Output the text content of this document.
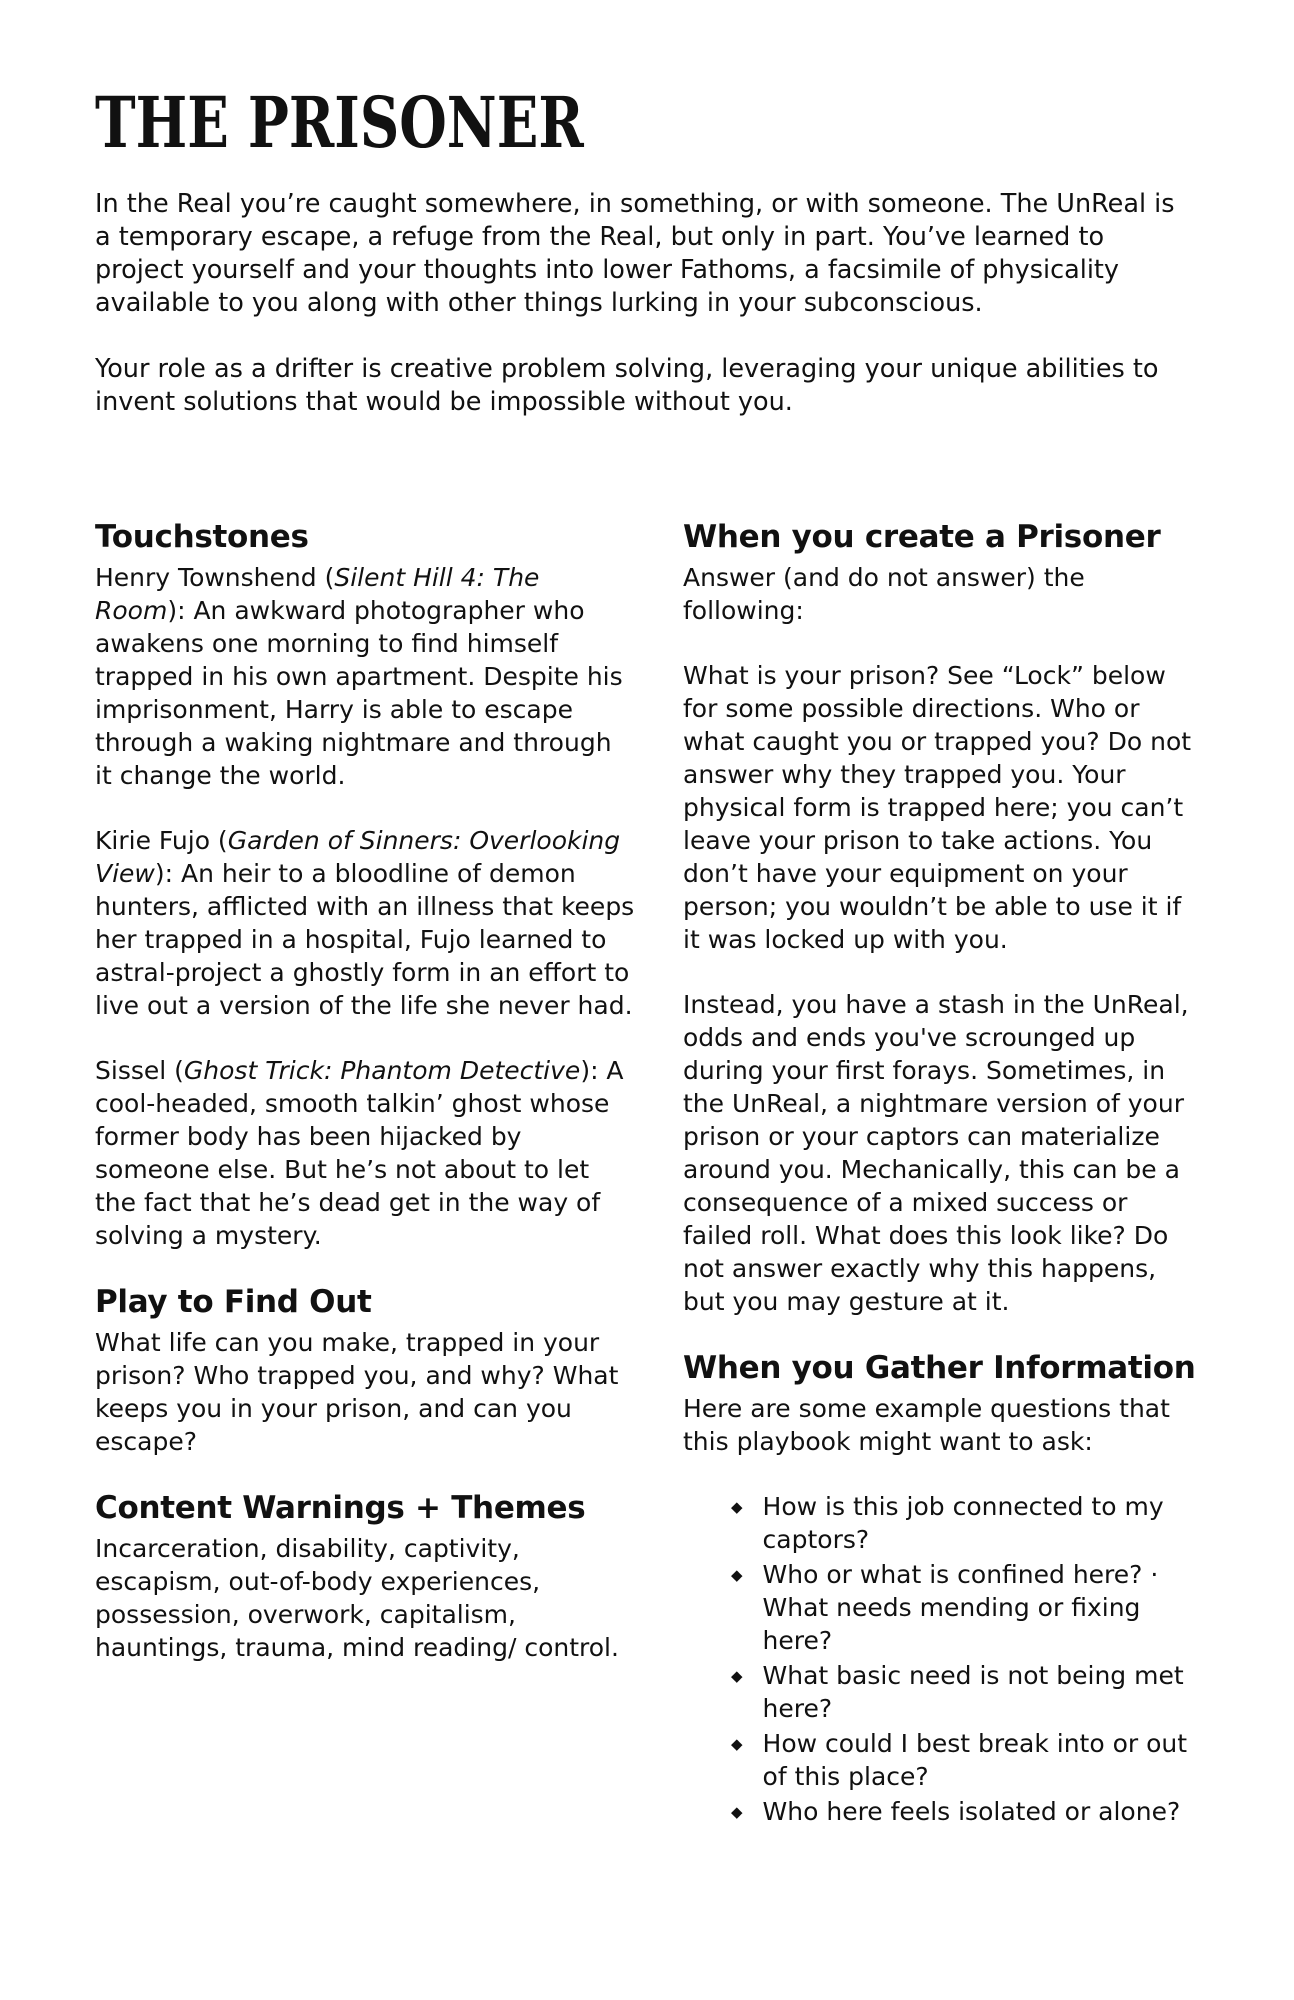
THE PRISONER

In the Real you’re caught somewhere, in something, or with someone. The UnReal is a temporary escape, a refuge from the Real, but only in part. You’ve learned to project yourself and your thoughts into lower Fathoms, a facsimile of physicality available to you along with other things lurking in your subconscious.

Your role as a drifter is creative problem solving, leveraging your unique abilities to invent solutions that would be impossible without you.

Touchstones

Henry Townshend (Silent Hill 4: The Room): An awkward photographer who awakens one morning to find himself trapped in his own apartment. Despite his imprisonment, Harry is able to escape through a waking nightmare and through it change the world.

Kirie Fujo (Garden of Sinners: Overlooking View): An heir to a bloodline of demon hunters, afflicted with an illness that keeps her trapped in a hospital, Fujo learned to astral-project a ghostly form in an effort to live out a version of the life she never had.

Sissel (Ghost Trick: Phantom Detective): A cool-headed, smooth talkin’ ghost whose former body has been hijacked by someone else. But he’s not about to let the fact that he’s dead get in the way of solving a mystery.

Play to Find Out

What life can you make, trapped in your prison? Who trapped you, and why? What keeps you in your prison, and can you escape?

Content Warnings + Themes

Incarceration, disability, captivity, escapism, out-of-body experiences, possession, overwork, capitalism, hauntings, trauma, mind reading/ control.

When you create a Prisoner

Answer (and do not answer) the following:

What is your prison? See “Lock” below for some possible directions. Who or what caught you or trapped you? Do not answer why they trapped you. Your physical form is trapped here; you can’t leave your prison to take actions. You don’t have your equipment on your person; you wouldn’t be able to use it if it was locked up with you.

Instead, you have a stash in the UnReal, odds and ends you've scrounged up during your first forays. Sometimes, in the UnReal, a nightmare version of your prison or your captors can materialize around you. Mechanically, this can be a consequence of a mixed success or failed roll. What does this look like? Do not answer exactly why this happens, but you may gesture at it.

When you Gather Information

Here are some example questions that this playbook might want to ask:

◆ How is this job connected to my captors?
◆ Who or what is confined here? · What needs mending or fixing here?
◆ What basic need is not being met here?
◆ How could I best break into or out of this place?
◆ Who here feels isolated or alone?
